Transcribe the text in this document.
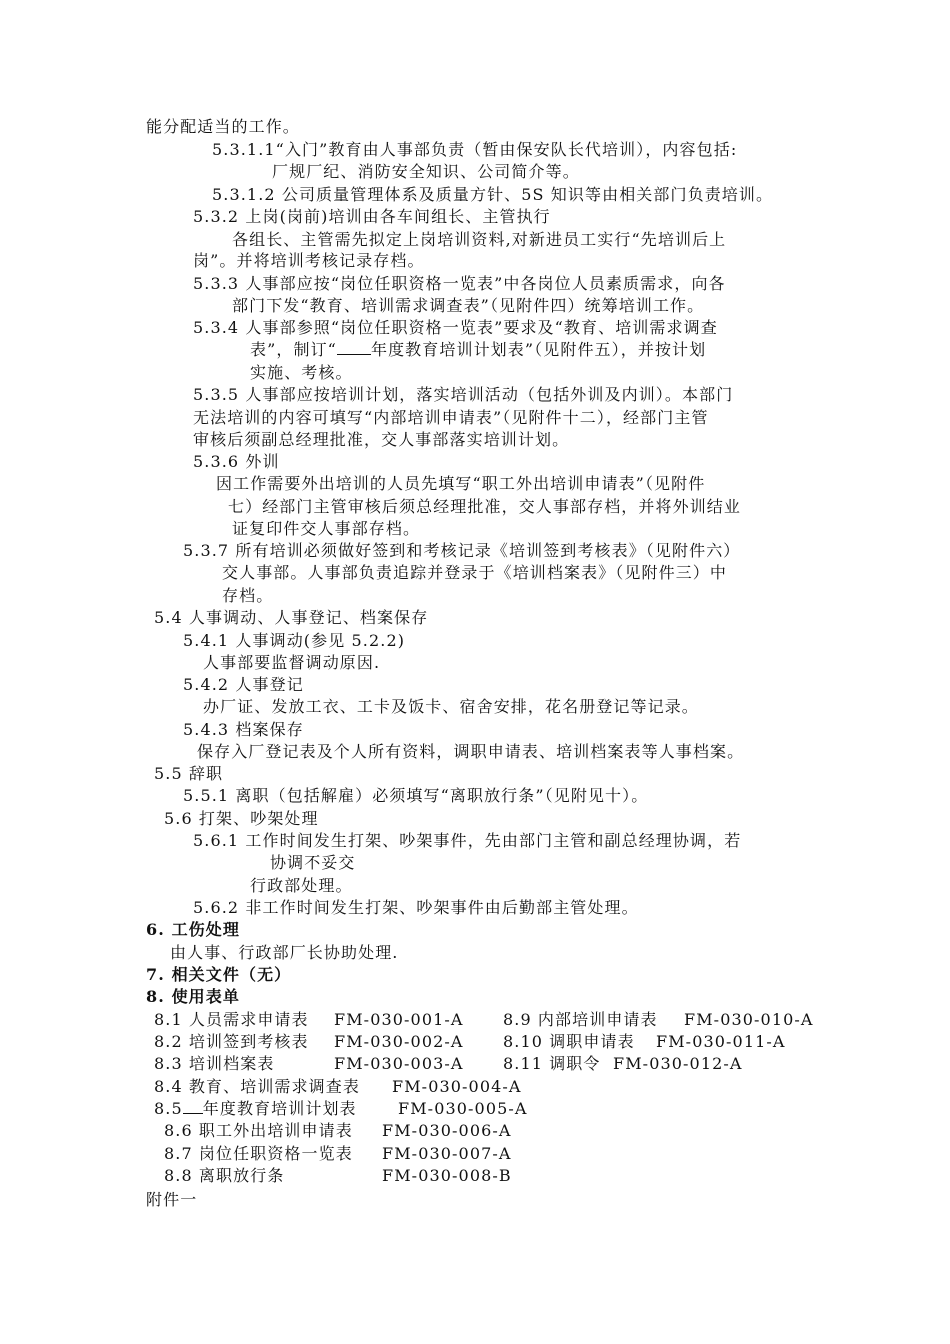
能分配适当的工作。
5.3.1.1“入门”教育由人事部负责（暂由保安队长代培训），内容包括:
厂规厂纪、消防安全知识、公司简介等。
5.3.1.2 公司质量管理体系及质量方针、5S 知识等由相关部门负责培训。
5.3.2 上岗(岗前)培训由各车间组长、主管执行
各组长、主管需先拟定上岗培训资料,对新进员工实行“先培训后上
岗”。并将培训考核记录存档。
5.3.3 人事部应按“岗位任职资格一览表”中各岗位人员素质需求，向各
部门下发“教育、培训需求调查表”（见附件四）统筹培训工作。
5.3.4 人事部参照“岗位任职资格一览表”要求及“教育、培训需求调查
表”，制订“ 年度教育培训计划表”（见附件五），并按计划
实施、考核。
5.3.5 人事部应按培训计划，落实培训活动（包括外训及内训）。本部门
无法培训的内容可填写“内部培训申请表”（见附件十二），经部门主管
审核后须副总经理批准，交人事部落实培训计划。
5.3.6 外训
因工作需要外出培训的人员先填写“职工外出培训申请表”（见附件
七）经部门主管审核后须总经理批准，交人事部存档，并将外训结业
证复印件交人事部存档。
5.3.7 所有培训必须做好签到和考核记录《培训签到考核表》（见附件六）
交人事部。人事部负责追踪并登录于《培训档案表》（见附件三）中
存档。
5.4 人事调动、人事登记、档案保存
5.4.1 人事调动(参见 5.2.2)
人事部要监督调动原因.
5.4.2 人事登记
办厂证、发放工衣、工卡及饭卡、宿舍安排，花名册登记等记录。
5.4.3 档案保存
保存入厂登记表及个人所有资料，调职申请表、培训档案表等人事档案。
5.5 辞职
5.5.1 离职（包括解雇）必须填写“离职放行条”（见附见十）。
5.6 打架、吵架处理
5.6.1 工作时间发生打架、吵架事件，先由部门主管和副总经理协调，若
协调不妥交
行政部处理。
5.6.2 非工作时间发生打架、吵架事件由后勤部主管处理。
6. 工伤处理
由人事、行政部厂长协助处理.
7. 相关文件（无）
8. 使用表单
8.1 人员需求申请表 FM-030-001-A 8.9 内部培训申请表 FM-030-010-A
8.2 培训签到考核表 FM-030-002-A 8.10 调职申请表 FM-030-011-A
8.3 培训档案表	FM-030-003-A 8.11 调职令 FM-030-012-A
8.4 教育、培训需求调查表 FM-030-004-A
8.5 年度教育培训计划表	FM-030-005-A
8.6 职工外出培训申请表 FM-030-006-A
8.7 岗位任职资格一览表 FM-030-007-A
8.8 离职放行条	FM-030-008-B
附件一
